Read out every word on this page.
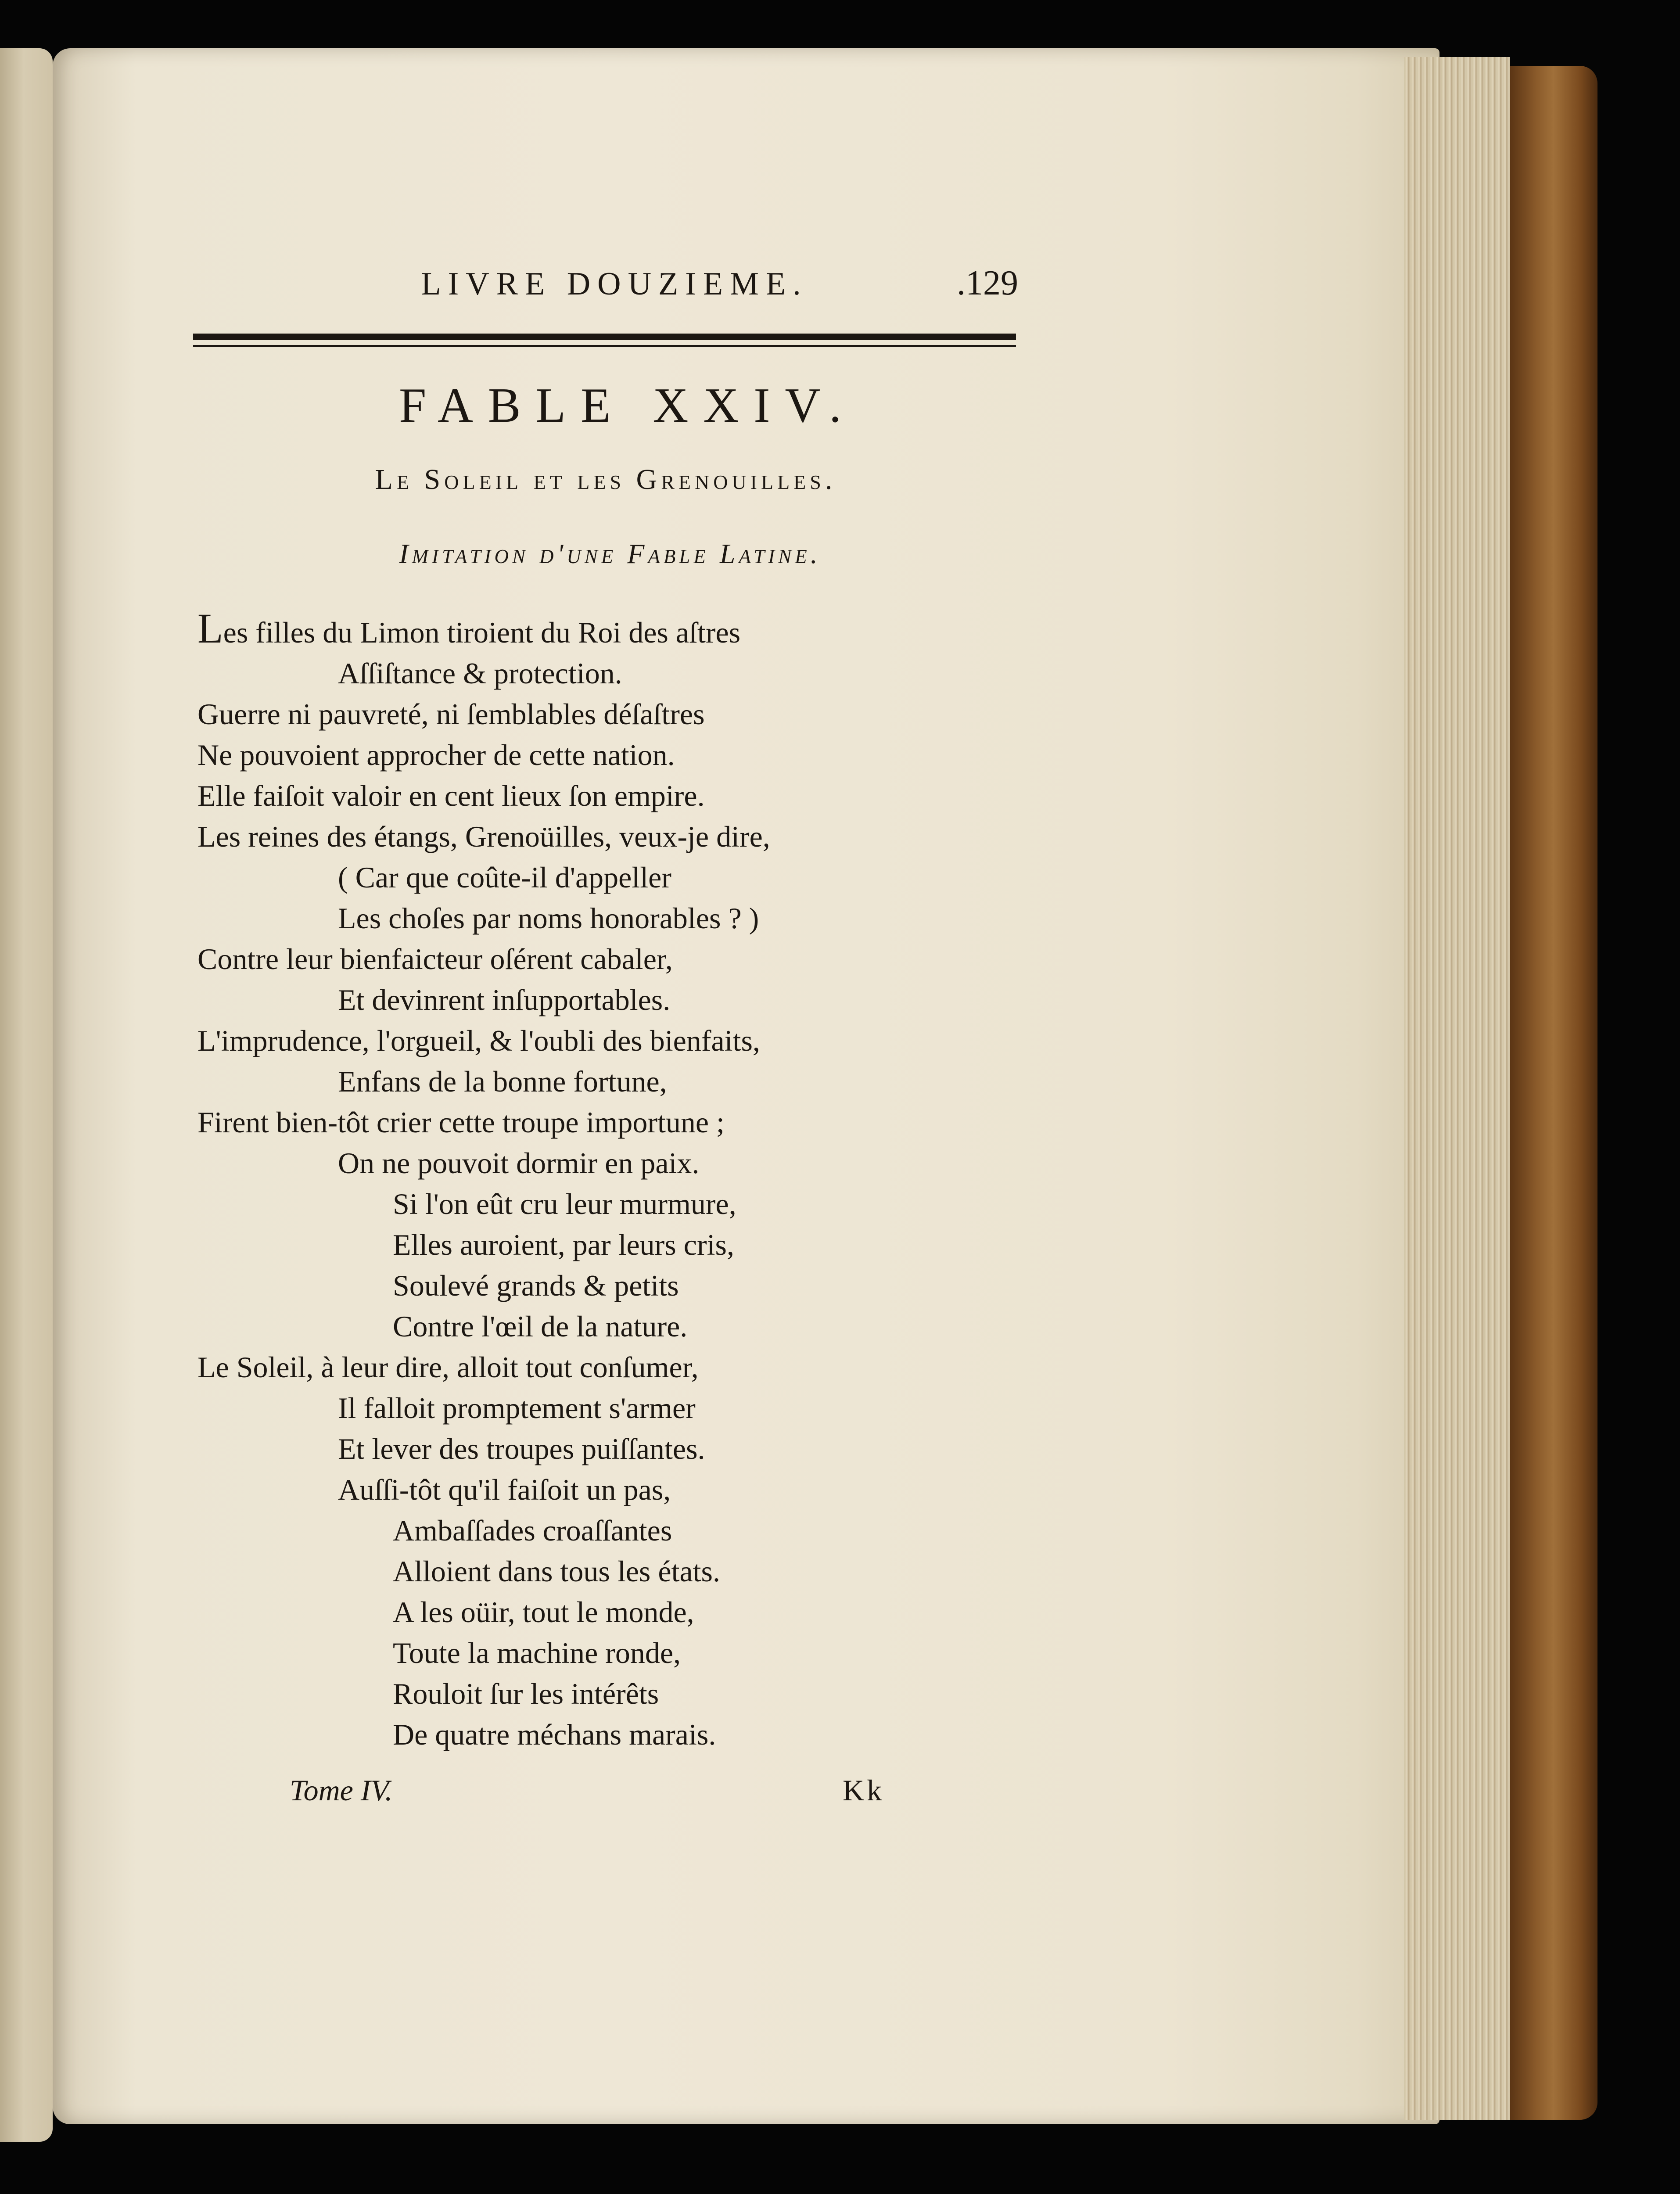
LIVRE DOUZIEME.	.129
FABLE XXIV.
Le Soleil et les Grenouilles.
Imitation d'une Fable Latine.
Les filles du Limon tiroient du Roi des aſtres
Aſſiſtance & protection.
Guerre ni pauvreté, ni ſemblables déſaſtres
Ne pouvoient approcher de cette nation.
Elle faiſoit valoir en cent lieux ſon empire.
Les reines des étangs, Grenoüilles, veux-je dire,
( Car que coûte-il d'appeller
Les choſes par noms honorables ? )
Contre leur bienfaicteur oſérent cabaler,
Et devinrent inſupportables.
L'imprudence, l'orgueil, & l'oubli des bienfaits,
Enfans de la bonne fortune,
Firent bien-tôt crier cette troupe importune ;
On ne pouvoit dormir en paix.
Si l'on eût cru leur murmure,
Elles auroient, par leurs cris,
Soulevé grands & petits
Contre l'œil de la nature.
Le Soleil, à leur dire, alloit tout conſumer,
Il falloit promptement s'armer
Et lever des troupes puiſſantes.
Auſſi-tôt qu'il faiſoit un pas,
Ambaſſades croaſſantes
Alloient dans tous les états.
A les oüir, tout le monde,
Toute la machine ronde,
Rouloit ſur les intérêts
De quatre méchans marais.
Tome IV.	Kk
